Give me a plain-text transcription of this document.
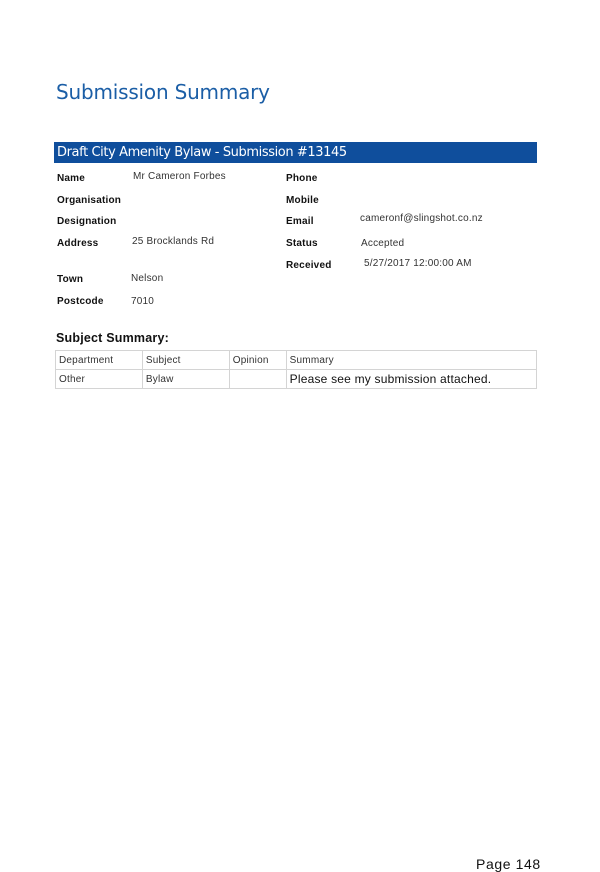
Submission Summary
Draft City Amenity Bylaw - Submission #13145
Name	Mr Cameron Forbes
Organisation
Designation
Address	25 Brocklands Rd
Town	Nelson
Postcode	7010
Phone
Mobile
Email	cameronf@slingshot.co.nz
Status	Accepted
Received	5/27/2017 12:00:00 AM
Subject Summary:
Department	Subject	Opinion	Summary
Other	Bylaw		Please see my submission attached.
Page 148
